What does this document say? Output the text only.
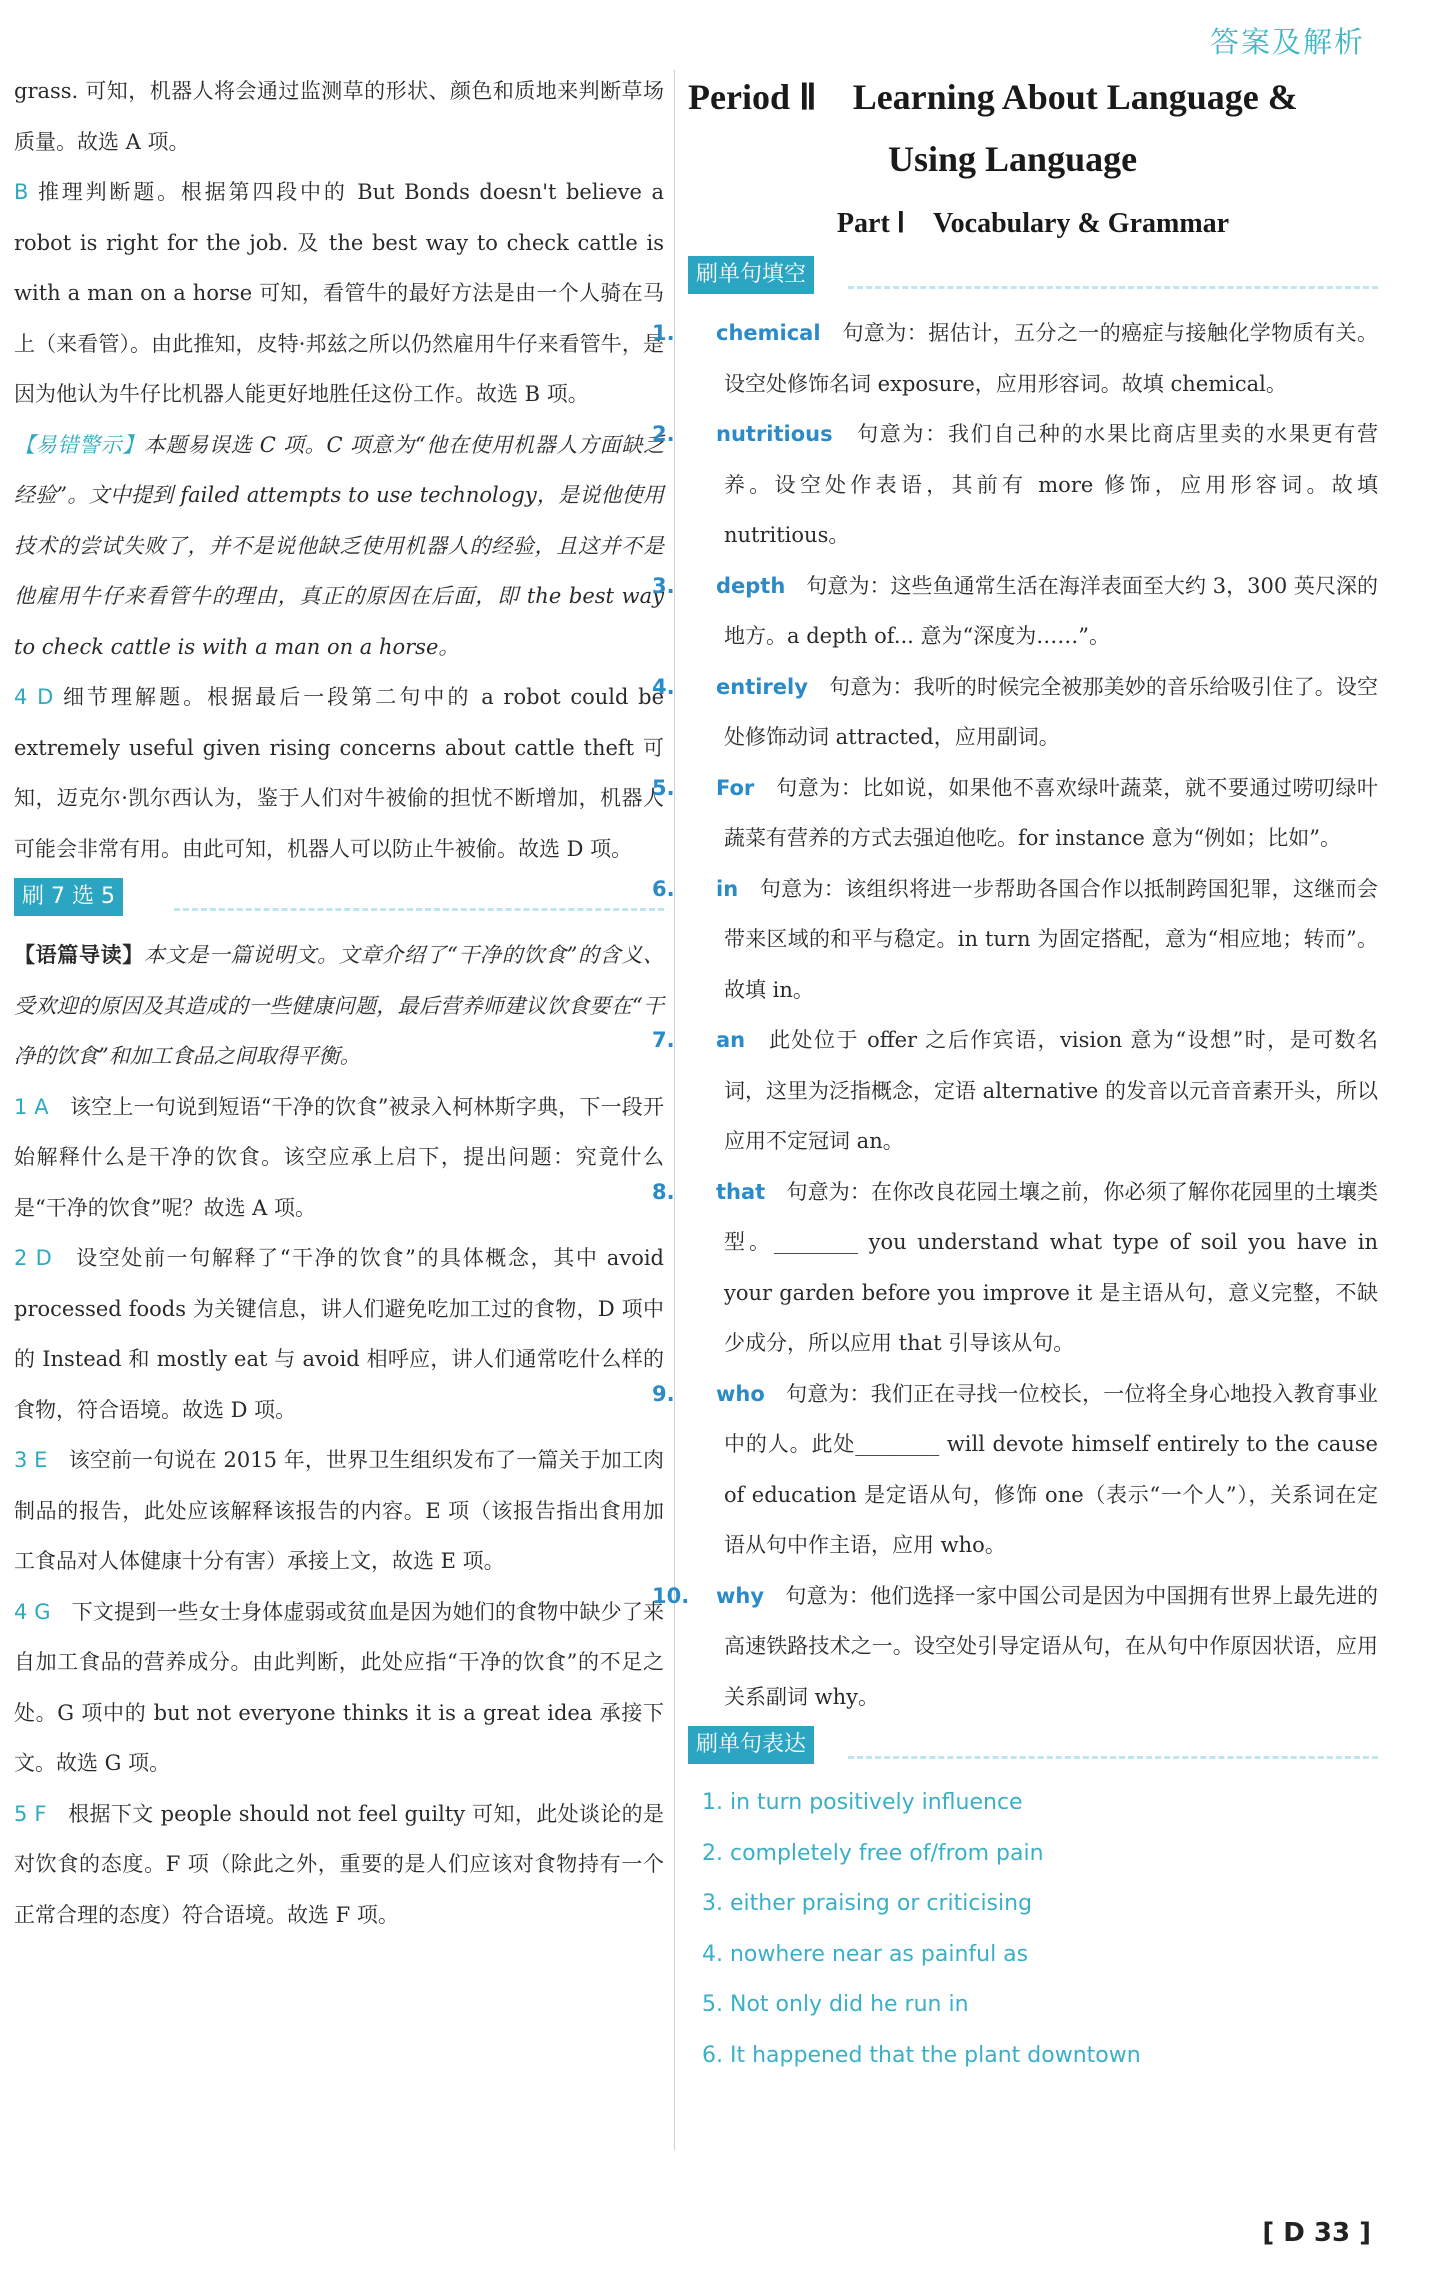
答案及解析

grass. 可知，机器人将会通过监测草的形状、颜色和质地来判断草场质量。故选 A 项。

B 推理判断题。根据第四段中的 But Bonds doesn't believe a robot is right for the job. 及 the best way to check cattle is with a man on a horse 可知，看管牛的最好方法是由一个人骑在马上（来看管）。由此推知，皮特·邦兹之所以仍然雇用牛仔来看管牛，是因为他认为牛仔比机器人能更好地胜任这份工作。故选 B 项。

【易错警示】本题易误选 C 项。C 项意为“他在使用机器人方面缺乏经验”。文中提到 failed attempts to use technology，是说他使用技术的尝试失败了，并不是说他缺乏使用机器人的经验，且这并不是他雇用牛仔来看管牛的理由，真正的原因在后面，即 the best way to check cattle is with a man on a horse。

4 D 细节理解题。根据最后一段第二句中的 a robot could be extremely useful given rising concerns about cattle theft 可知，迈克尔·凯尔西认为，鉴于人们对牛被偷的担忧不断增加，机器人可能会非常有用。由此可知，机器人可以防止牛被偷。故选 D 项。

刷 7 选 5

【语篇导读】本文是一篇说明文。文章介绍了“干净的饮食”的含义、受欢迎的原因及其造成的一些健康问题，最后营养师建议饮食要在“干净的饮食”和加工食品之间取得平衡。

1 A　 该空上一句说到短语“干净的饮食”被录入柯林斯字典，下一段开始解释什么是干净的饮食。该空应承上启下，提出问题：究竟什么是“干净的饮食”呢？故选 A 项。

2 D　 设空处前一句解释了“干净的饮食”的具体概念，其中 avoid processed foods 为关键信息，讲人们避免吃加工过的食物，D 项中的 Instead 和 mostly eat 与 avoid 相呼应，讲人们通常吃什么样的食物，符合语境。故选 D 项。

3 E　 该空前一句说在 2015 年，世界卫生组织发布了一篇关于加工肉制品的报告，此处应该解释该报告的内容。E 项（该报告指出食用加工食品对人体健康十分有害）承接上文，故选 E 项。

4 G　 下文提到一些女士身体虚弱或贫血是因为她们的食物中缺少了来自加工食品的营养成分。由此判断，此处应指“干净的饮食”的不足之处。G 项中的 but not everyone thinks it is a great idea 承接下文。故选 G 项。

5 F　 根据下文 people should not feel guilty 可知，此处谈论的是对饮食的态度。F 项（除此之外，重要的是人们应该对食物持有一个正常合理的态度）符合语境。故选 F 项。

Period Ⅱ　Learning About Language &
Using Language
Part Ⅰ　Vocabulary & Grammar
刷单句填空

1. chemical　 句意为：据估计，五分之一的癌症与接触化学物质有关。设空处修饰名词 exposure，应用形容词。故填 chemical。

2. nutritious　 句意为：我们自己种的水果比商店里卖的水果更有营养。设空处作表语，其前有 more 修饰，应用形容词。故填 nutritious。

3. depth　 句意为：这些鱼通常生活在海洋表面至大约 3，300 英尺深的地方。a depth of... 意为“深度为……”。

4. entirely　 句意为：我听的时候完全被那美妙的音乐给吸引住了。设空处修饰动词 attracted，应用副词。

5. For　 句意为：比如说，如果他不喜欢绿叶蔬菜，就不要通过唠叨绿叶蔬菜有营养的方式去强迫他吃。for instance 意为“例如；比如”。

6. in　 句意为：该组织将进一步帮助各国合作以抵制跨国犯罪，这继而会带来区域的和平与稳定。in turn 为固定搭配，意为“相应地；转而”。故填 in。

7. an　 此处位于 offer 之后作宾语，vision 意为“设想”时，是可数名词，这里为泛指概念，定语 alternative 的发音以元音音素开头，所以应用不定冠词 an。

8. that　 句意为：在你改良花园土壤之前，你必须了解你花园里的土壤类型。________ you understand what type of soil you have in your garden before you improve it 是主语从句，意义完整，不缺少成分，所以应用 that 引导该从句。

9. who　 句意为：我们正在寻找一位校长，一位将全身心地投入教育事业中的人。此处________ will devote himself entirely to the cause of education 是定语从句，修饰 one（表示“一个人”），关系词在定语从句中作主语，应用 who。

10. why　 句意为：他们选择一家中国公司是因为中国拥有世界上最先进的高速铁路技术之一。设空处引导定语从句，在从句中作原因状语，应用关系副词 why。

刷单句表达

1. in turn positively influence

2. completely free of/from pain

3. either praising or criticising

4. nowhere near as painful as

5. Not only did he run in

6. It happened that the plant downtown

[ D 33 ]
